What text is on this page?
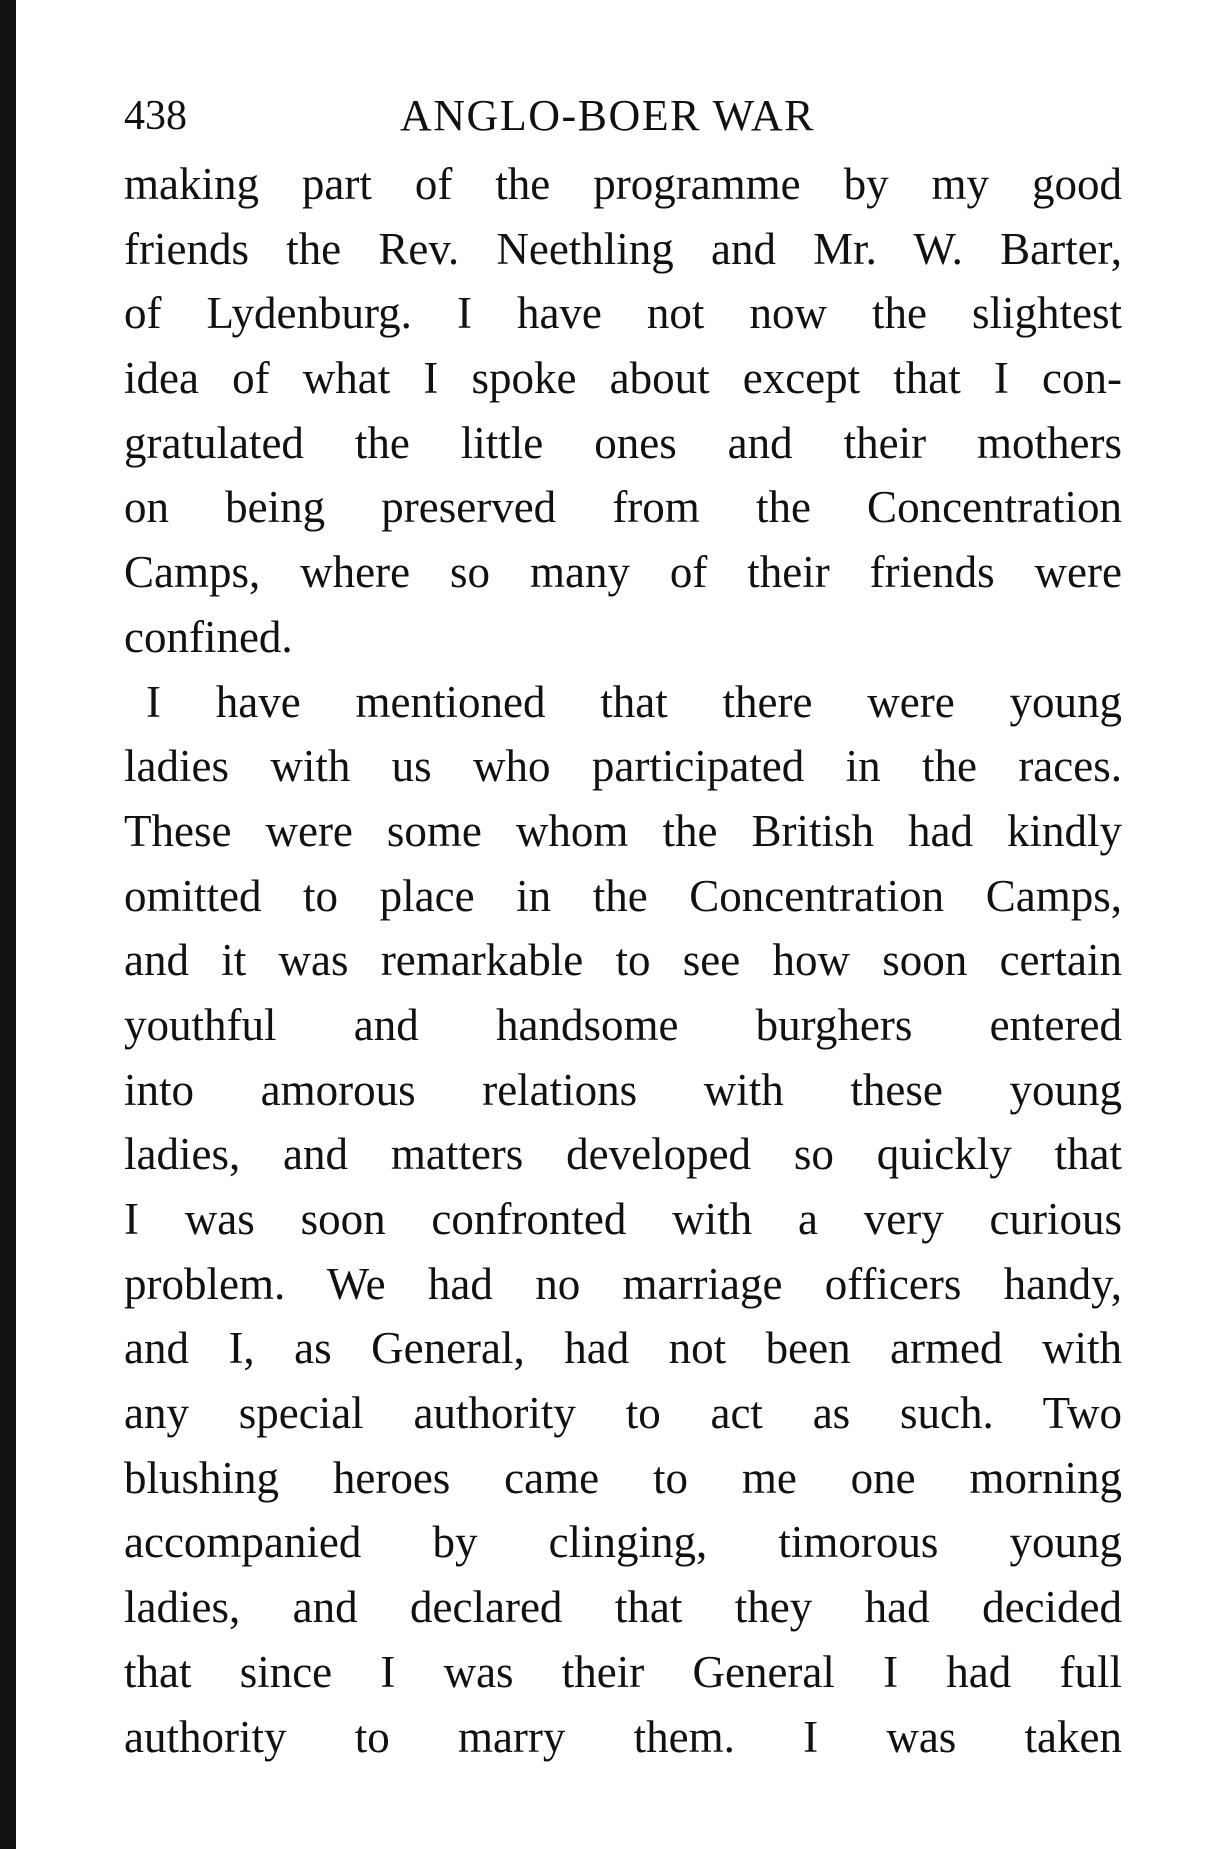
438	ANGLO-BOER WAR
making part of the programme by my good
friends the Rev. Neethling and Mr. W. Barter,
of Lydenburg. I have not now the slightest
idea of what I spoke about except that I con-
gratulated the little ones and their mothers
on being preserved from the Concentration
Camps, where so many of their friends were
confined.
I have mentioned that there were young
ladies with us who participated in the races.
These were some whom the British had kindly
omitted to place in the Concentration Camps,
and it was remarkable to see how soon certain
youthful and handsome burghers entered
into amorous relations with these young
ladies, and matters developed so quickly that
I was soon confronted with a very curious
problem. We had no marriage officers handy,
and I, as General, had not been armed with
any special authority to act as such. Two
blushing heroes came to me one morning
accompanied by clinging, timorous young
ladies, and declared that they had decided
that since I was their General I had full
authority to marry them. I was taken
